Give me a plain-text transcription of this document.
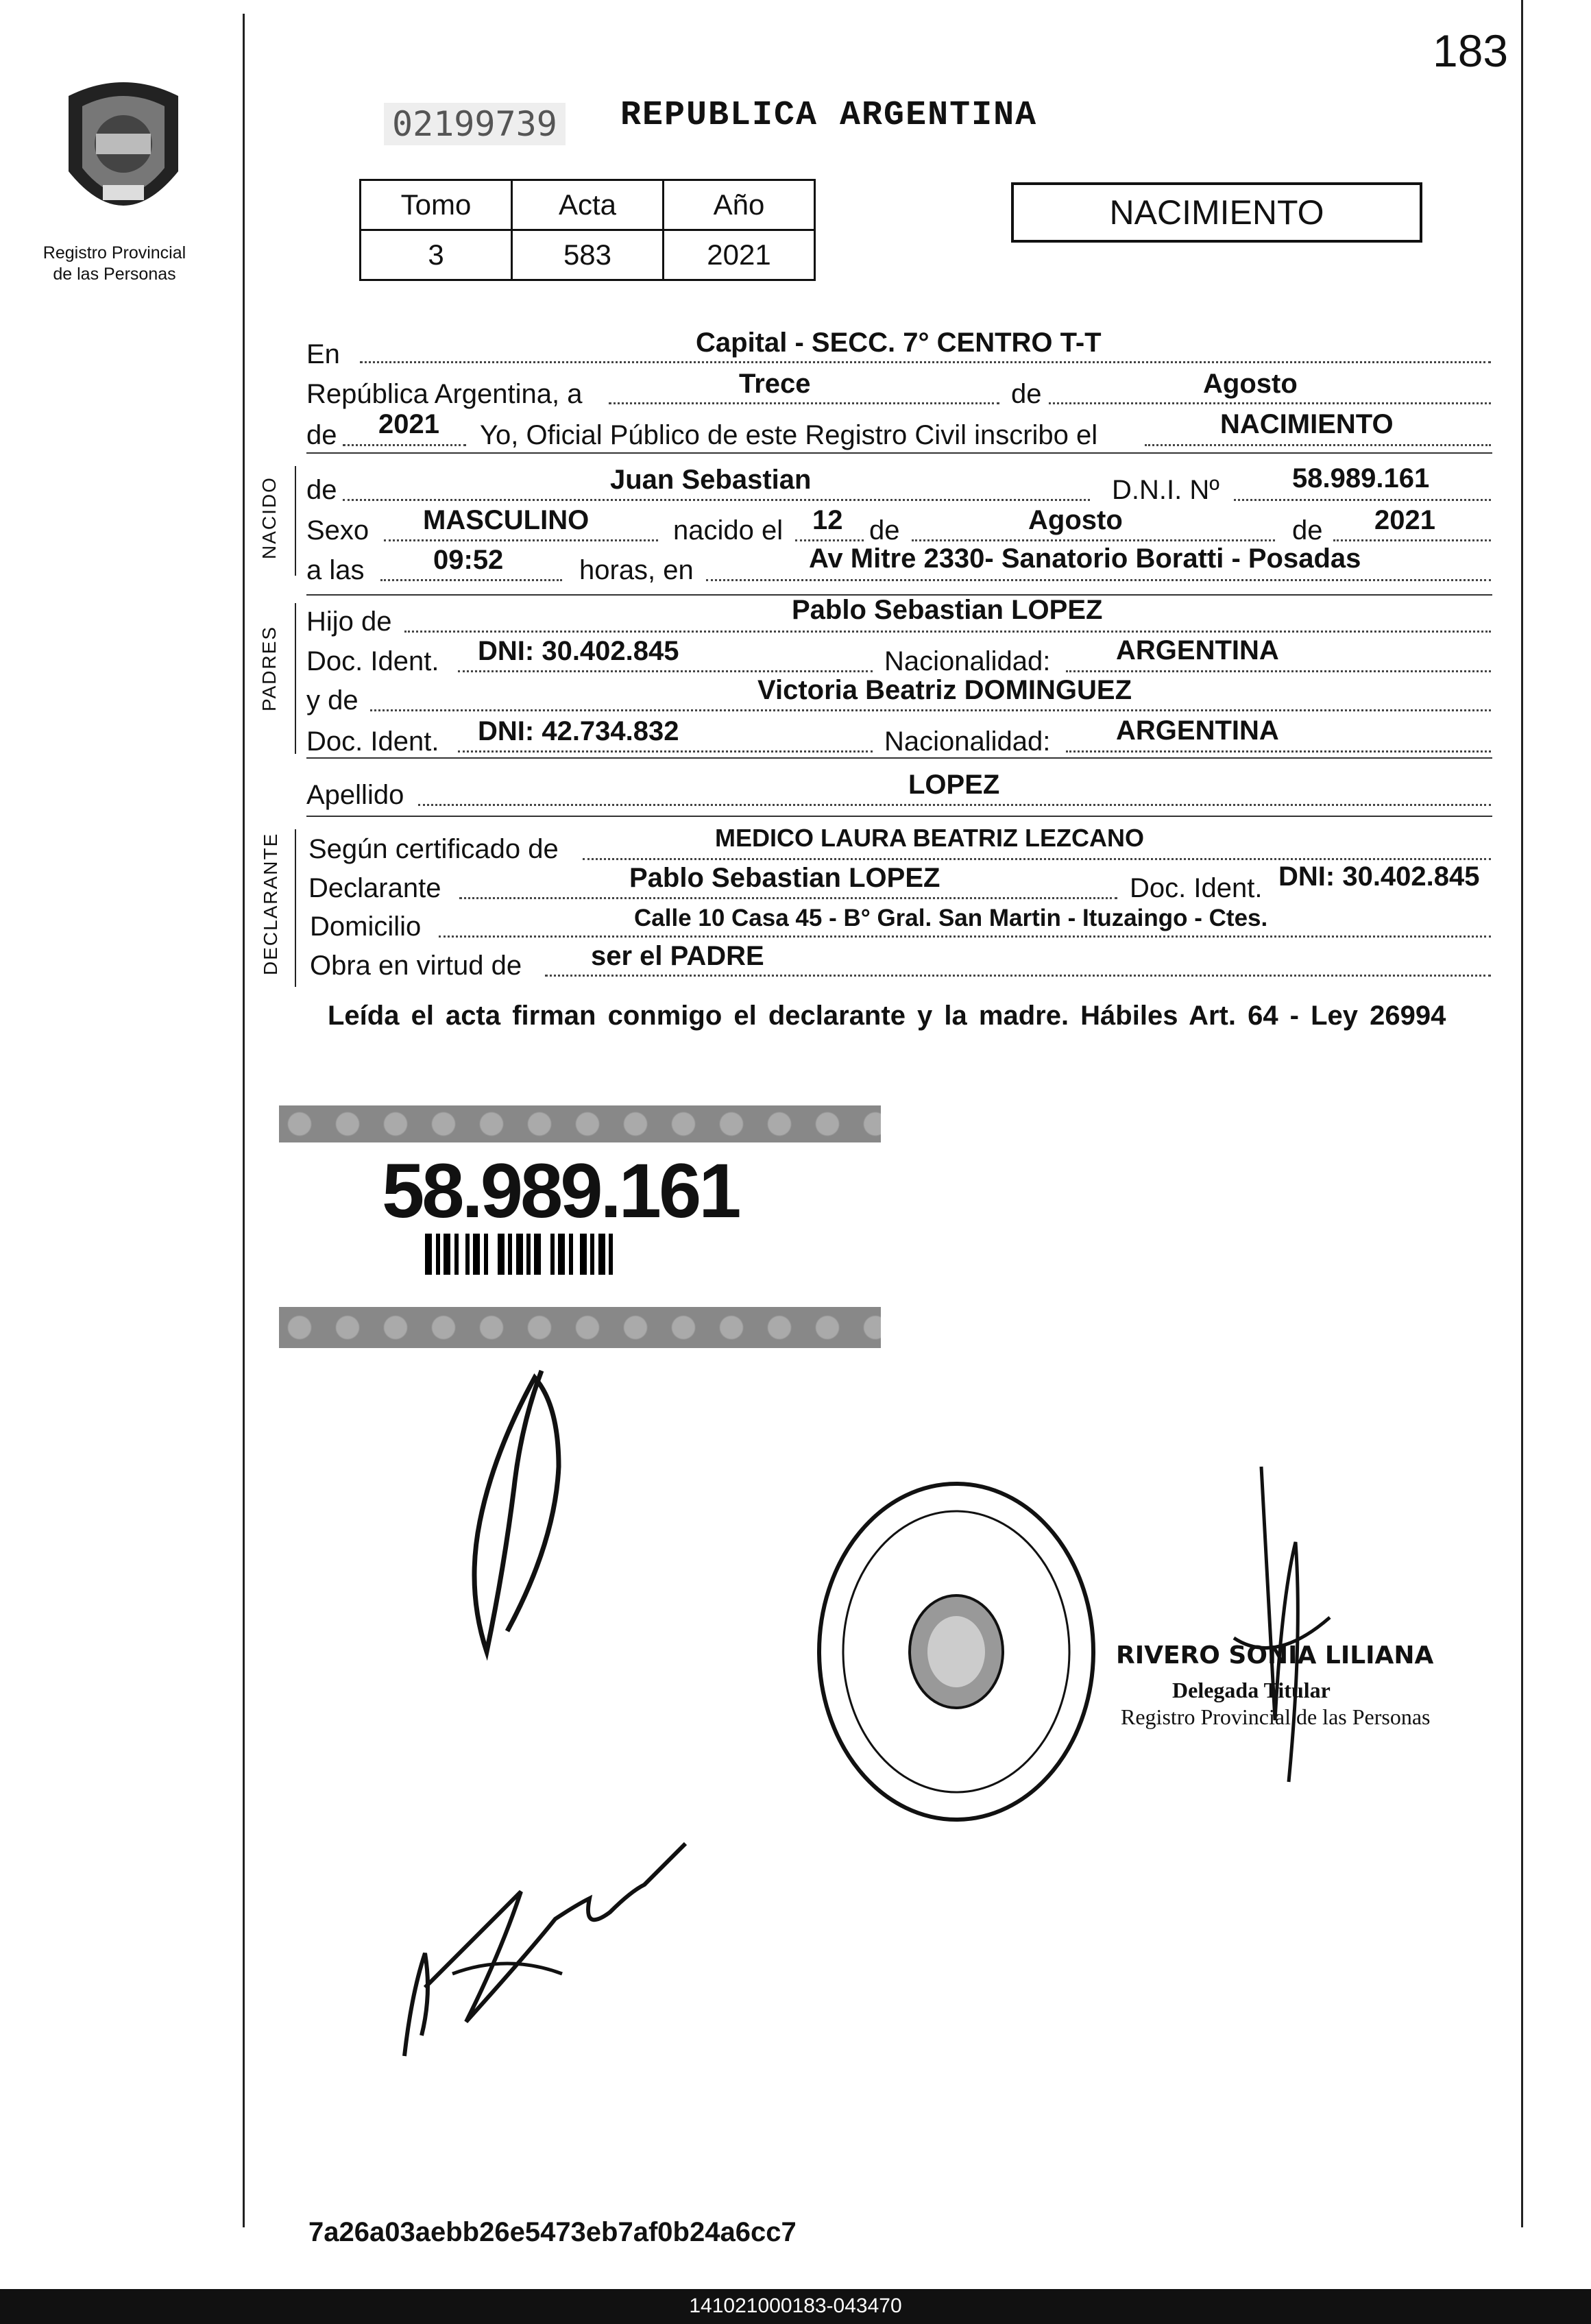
183
Registro Provincial
de las Personas
02199739 REPUBLICA ARGENTINA
Tomo	Acta	Año
3	583	2021
NACIMIENTO
NACIDO
PADRES
DECLARANTE
En	Capital - SECC. 7° CENTRO T-T
República Argentina, a	Trece	de	Agosto
de 2021 Yo, Oficial Público de este Registro Civil inscribo el	NACIMIENTO
de	Juan Sebastian	D.N.I. Nº	58.989.161
Sexo MASCULINO	nacido el 12 de	Agosto	de 2021
a las	09:52	horas, en	Av Mitre 2330- Sanatorio Boratti - Posadas
Hijo de	Pablo Sebastian LOPEZ
Doc. Ident. DNI: 30.402.845	Nacionalidad: ARGENTINA
y de	Victoria Beatriz DOMINGUEZ
Doc. Ident. DNI: 42.734.832	Nacionalidad: ARGENTINA
Apellido	LOPEZ
Según certificado de	MEDICO LAURA BEATRIZ LEZCANO
Declarante	Pablo Sebastian LOPEZ	Doc. Ident. DNI: 30.402.845
Domicilio	Calle 10 Casa 45 - B° Gral. San Martin - Ituzaingo - Ctes.
Obra en virtud de	ser el PADRE
Leída el acta firman conmigo el declarante y la madre. Hábiles Art. 64 - Ley 26994
58.989.161
RIVERO SONIA LILIANA
Delegada Titular
Registro Provincial de las Personas
7a26a03aebb26e5473eb7af0b24a6cc7
141021000183-043470
